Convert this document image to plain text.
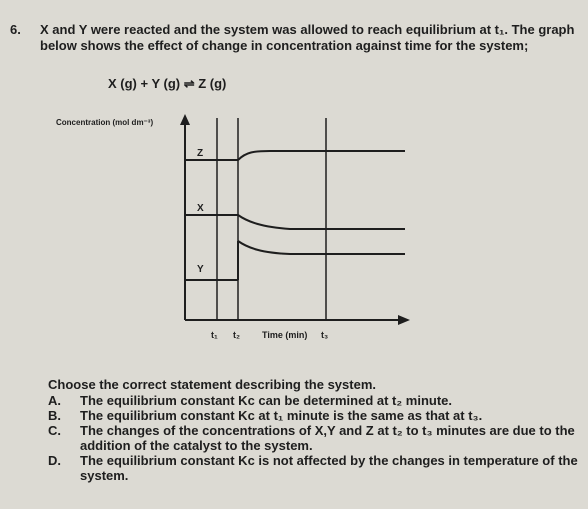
6. X and Y were reacted and the system was allowed to reach equilibrium at t₁. The graph below shows the effect of change in concentration against time for the system;
X (g) + Y (g) ⇌ Z (g)
Concentration (mol dm⁻³)
Z
X
Y
t₁ t₂ Time (min) t₃
Choose the correct statement describing the system.
A.	The equilibrium constant Kc can be determined at t₂ minute.
B.	The equilibrium constant Kc at t₁ minute is the same as that at t₃.
C.	The changes of the concentrations of X,Y and Z at t₂ to t₃ minutes are due to the addition of the catalyst to the system.
D.	The equilibrium constant Kc is not affected by the changes in temperature of the system.
